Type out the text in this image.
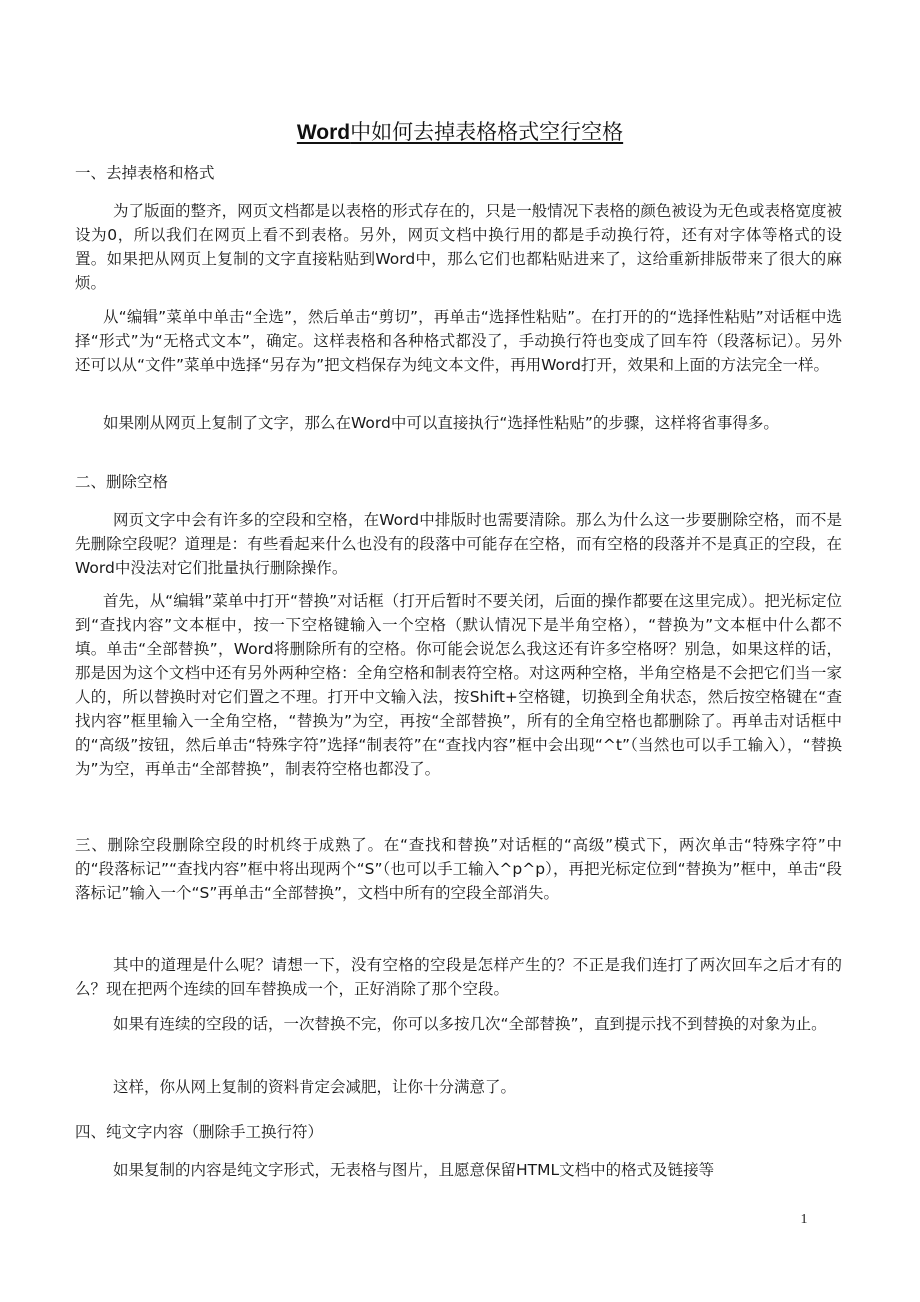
Word中如何去掉表格格式空行空格

一、去掉表格和格式

为了版面的整齐，网页文档都是以表格的形式存在的，只是一般情况下表格的颜色被设为无色或表格宽度被设为0，所以我们在网页上看不到表格。另外，网页文档中换行用的都是手动换行符，还有对字体等格式的设置。如果把从网页上复制的文字直接粘贴到Word中，那么它们也都粘贴进来了，这给重新排版带来了很大的麻烦。

从“编辑”菜单中单击“全选”，然后单击“剪切”，再单击“选择性粘贴”。在打开的的“选择性粘贴”对话框中选择“形式”为“无格式文本”，确定。这样表格和各种格式都没了，手动换行符也变成了回车符（段落标记）。另外还可以从“文件”菜单中选择“另存为”把文档保存为纯文本文件，再用Word打开，效果和上面的方法完全一样。

如果刚从网页上复制了文字，那么在Word中可以直接执行“选择性粘贴”的步骤，这样将省事得多。

二、删除空格

网页文字中会有许多的空段和空格，在Word中排版时也需要清除。那么为什么这一步要删除空格，而不是先删除空段呢？道理是：有些看起来什么也没有的段落中可能存在空格，而有空格的段落并不是真正的空段，在Word中没法对它们批量执行删除操作。

首先，从“编辑”菜单中打开“替换”对话框（打开后暂时不要关闭，后面的操作都要在这里完成）。把光标定位到“查找内容”文本框中，按一下空格键输入一个空格（默认情况下是半角空格），“替换为”文本框中什么都不填。单击“全部替换”，Word将删除所有的空格。你可能会说怎么我这还有许多空格呀？别急，如果这样的话，那是因为这个文档中还有另外两种空格：全角空格和制表符空格。对这两种空格，半角空格是不会把它们当一家人的，所以替换时对它们置之不理。打开中文输入法，按Shift+空格键，切换到全角状态，然后按空格键在“查找内容”框里输入一全角空格，“替换为”为空，再按“全部替换”，所有的全角空格也都删除了。再单击对话框中的“高级”按钮，然后单击“特殊字符”选择“制表符”在“查找内容”框中会出现“^t”（当然也可以手工输入），“替换为”为空，再单击“全部替换”，制表符空格也都没了。

三、删除空段删除空段的时机终于成熟了。在“查找和替换”对话框的“高级”模式下，两次单击“特殊字符”中的“段落标记”“查找内容”框中将出现两个“S”（也可以手工输入^p^p），再把光标定位到“替换为”框中，单击“段落标记”输入一个“S”再单击“全部替换”，文档中所有的空段全部消失。

其中的道理是什么呢？请想一下，没有空格的空段是怎样产生的？不正是我们连打了两次回车之后才有的么？现在把两个连续的回车替换成一个，正好消除了那个空段。

如果有连续的空段的话，一次替换不完，你可以多按几次“全部替换”，直到提示找不到替换的对象为止。

这样，你从网上复制的资料肯定会减肥，让你十分满意了。

四、纯文字内容（删除手工换行符）

如果复制的内容是纯文字形式，无表格与图片，且愿意保留HTML文档中的格式及链接等

1
